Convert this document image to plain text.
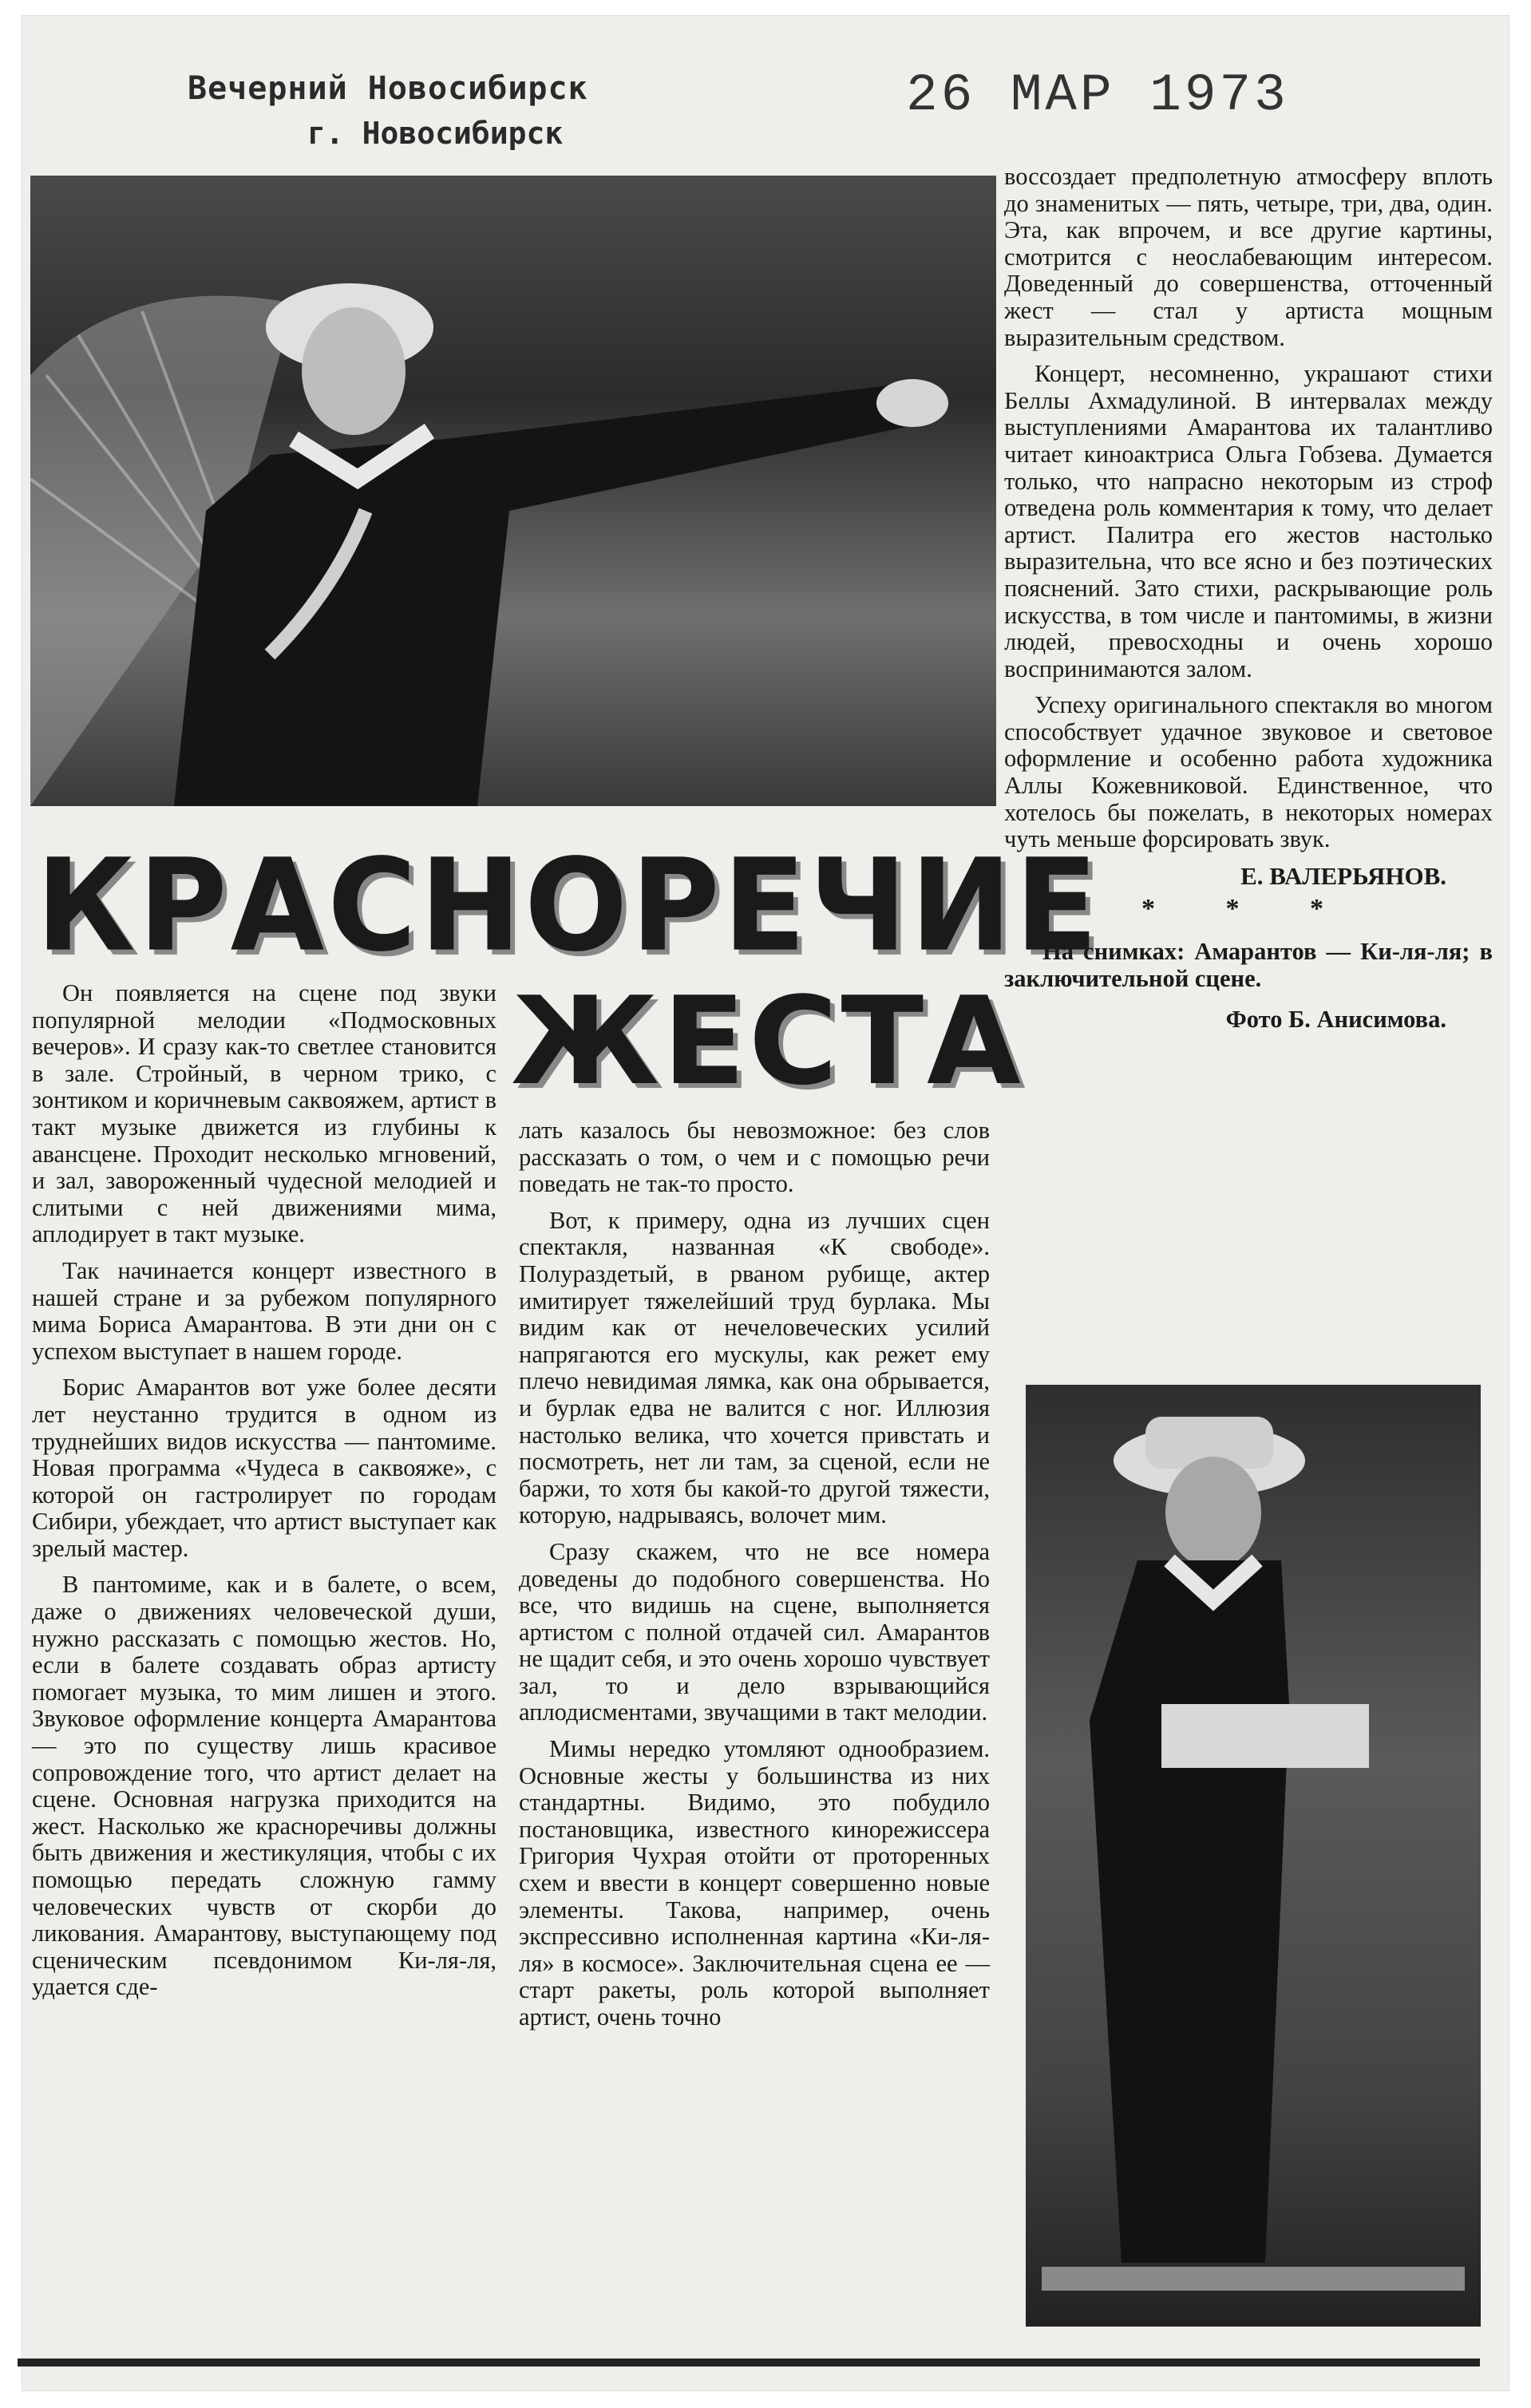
Вечерний Новосибирск
г. Новосибирск
26 МАР 1973
КРАСНОРЕЧИЕ
ЖЕСТА

Он появляется на сцене под звуки популярной мелодии «Подмосковных вечеров». И сразу как-то светлее становится в зале. Стройный, в черном трико, с зонтиком и коричневым саквояжем, артист в такт музыке движется из глубины к авансцене. Проходит несколько мгновений, и зал, завороженный чудесной мелодией и слитыми с ней движениями мима, аплодирует в такт музыке.

Так начинается концерт известного в нашей стране и за рубежом популярного мима Бориса Амарантова. В эти дни он с успехом выступает в нашем городе.

Борис Амарантов вот уже более десяти лет неустанно трудится в одном из труднейших видов искусства — пантомиме. Новая программа «Чудеса в саквояже», с которой он гастролирует по городам Сибири, убеждает, что артист выступает как зрелый мастер.

В пантомиме, как и в балете, о всем, даже о движениях человеческой души, нужно рассказать с помощью жестов. Но, если в балете создавать образ артисту помогает музыка, то мим лишен и этого. Звуковое оформление концерта Амарантова — это по существу лишь красивое сопровождение того, что артист делает на сцене. Основная нагрузка приходится на жест. Насколько же красноречивы должны быть движения и жестикуляция, чтобы с их помощью передать сложную гамму человеческих чувств от скорби до ликования. Амарантову, выступающему под сценическим псевдонимом Ки-ля-ля, удается сде-

лать казалось бы невозможное: без слов рассказать о том, о чем и с помощью речи поведать не так-то просто.

Вот, к примеру, одна из лучших сцен спектакля, названная «К свободе». Полураздетый, в рваном рубище, актер имитирует тяжелейший труд бурлака. Мы видим как от нечеловеческих усилий напрягаются его мускулы, как режет ему плечо невидимая лямка, как она обрывается, и бурлак едва не валится с ног. Иллюзия настолько велика, что хочется привстать и посмотреть, нет ли там, за сценой, если не баржи, то хотя бы какой-то другой тяжести, которую, надрываясь, волочет мим.

Сразу скажем, что не все номера доведены до подобного совершенства. Но все, что видишь на сцене, выполняется артистом с полной отдачей сил. Амарантов не щадит себя, и это очень хорошо чувствует зал, то и дело взрывающийся аплодисментами, звучащими в такт мелодии.

Мимы нередко утомляют однообразием. Основные жесты у большинства из них стандартны. Видимо, это побудило постановщика, известного кинорежиссера Григория Чухрая отойти от проторенных схем и ввести в концерт совершенно новые элементы. Такова, например, очень экспрессивно исполненная картина «Ки-ля-ля» в космосе». Заключительная сцена ее — старт ракеты, роль которой выполняет артист, очень точно

воссоздает предполетную атмосферу вплоть до знаменитых — пять, четыре, три, два, один. Эта, как впрочем, и все другие картины, смотрится с неослабевающим интересом. Доведенный до совершенства, отточенный жест — стал у артиста мощным выразительным средством.

Концерт, несомненно, украшают стихи Беллы Ахмадулиной. В интервалах между выступлениями Амарантова их талантливо читает киноактриса Ольга Гобзева. Думается только, что напрасно некоторым из строф отведена роль комментария к тому, что делает артист. Палитра его жестов настолько выразительна, что все ясно и без поэтических пояснений. Зато стихи, раскрывающие роль искусства, в том числе и пантомимы, в жизни людей, превосходны и очень хорошо воспринимаются залом.

Успеху оригинального спектакля во многом способствует удачное звуковое и световое оформление и особенно работа художника Аллы Кожевниковой. Единственное, что хотелось бы пожелать, в некоторых номерах чуть меньше форсировать звук.

Е. ВАЛЕРЬЯНОВ.
* * *
На снимках: Амарантов — Ки-ля-ля; в заключительной сцене.
Фото Б. Анисимова.
